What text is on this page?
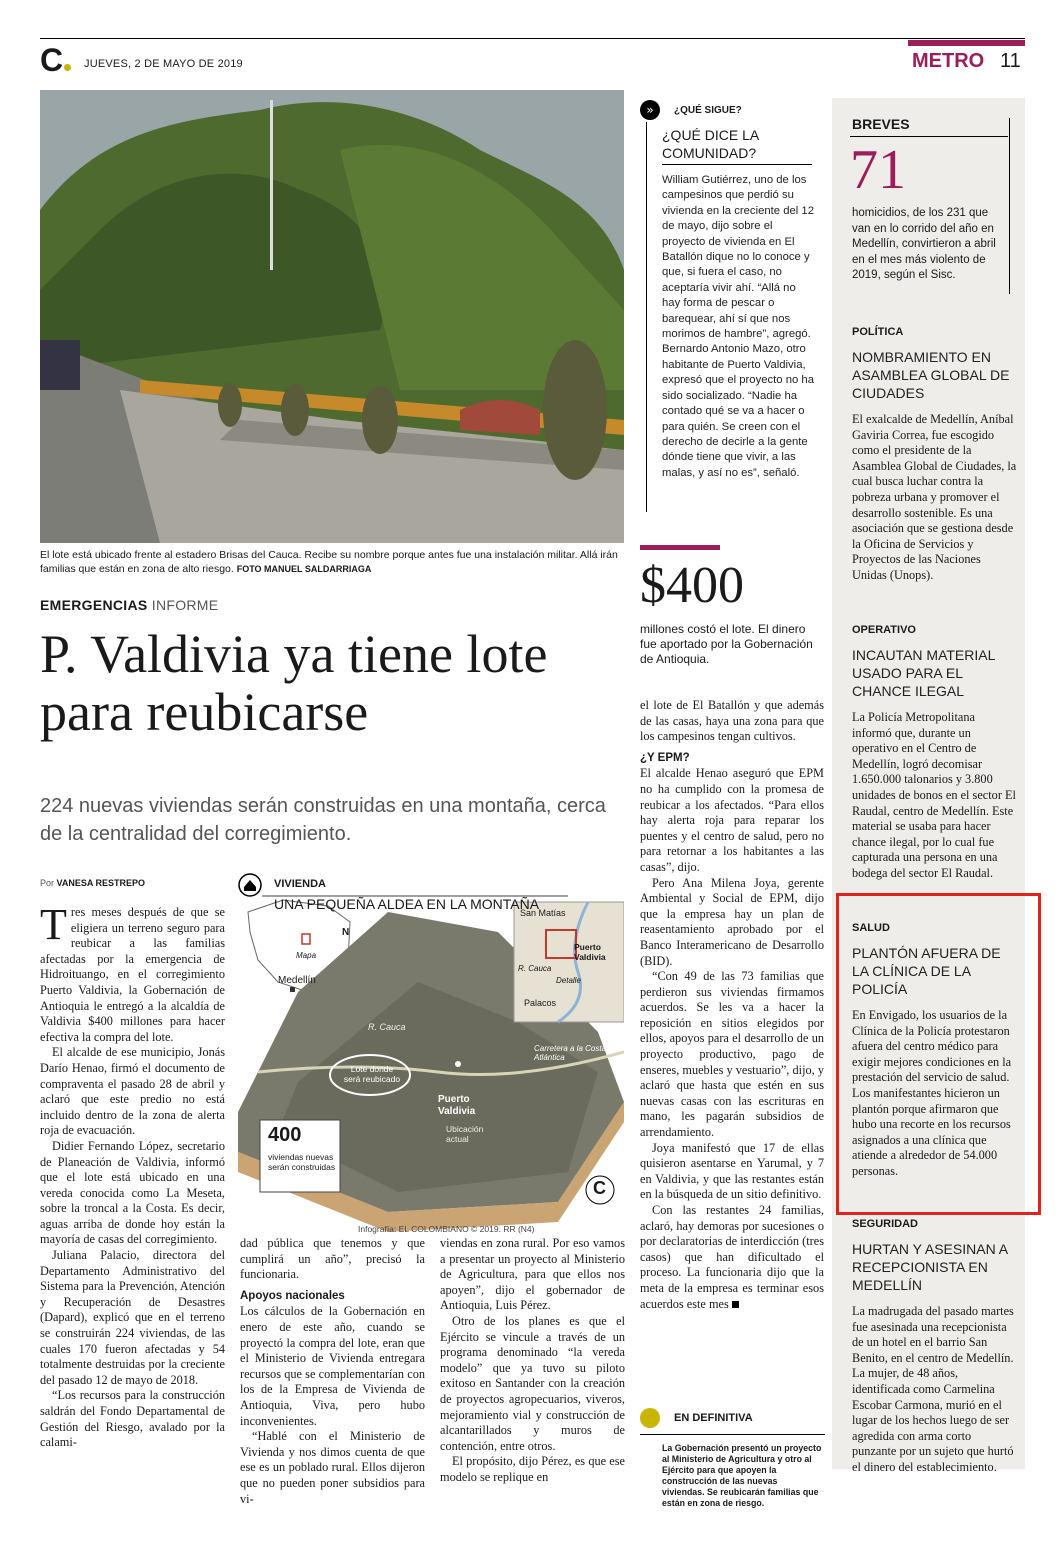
C	JUEVES, 2 DE MAYO DE 2019	METRO 11
El lote está ubicado frente al estadero Brisas del Cauca. Recibe su nombre porque antes fue una instalación militar. Allá irán familias que están en zona de alto riesgo. FOTO MANUEL SALDARRIAGA
EMERGENCIAS INFORME
P. Valdivia ya tiene lote para reubicarse
224 nuevas viviendas serán construidas en una montaña, cerca de la centralidad del corregimiento.
Por VANESA RESTREPO

Tres meses después de que se eligiera un terreno seguro para reubicar a las familias afectadas por la emergencia de Hidroituango, en el corregimiento Puerto Valdivia, la Gobernación de Antioquia le entregó a la alcaldía de Valdivia $400 millones para hacer efectiva la compra del lote.

El alcalde de ese municipio, Jonás Darío Henao, firmó el documento de compraventa el pasado 28 de abril y aclaró que este predio no está incluido dentro de la zona de alerta roja de evacuación.

Didier Fernando López, secretario de Planeación de Valdivia, informó que el lote está ubicado en una vereda conocida como La Meseta, sobre la troncal a la Costa. Es decir, aguas arriba de donde hoy están la mayoría de casas del corregimiento.

Juliana Palacio, directora del Departamento Administrativo del Sistema para la Prevención, Atención y Recuperación de Desastres (Dapard), explicó que en el terreno se construirán 224 viviendas, de las cuales 170 fueron afectadas y 54 totalmente destruidas por la creciente del pasado 12 de mayo de 2018.

“Los recursos para la construcción saldrán del Fondo Departamental de Gestión del Riesgo, avalado por la calami-

VIVIENDA
UNA PEQUEÑA ALDEA EN LA MONTAÑA
Mapa
Medellín
N
R. Cauca
Lote donde será reubicado
Puerto Valdivia
Ubicación actual
Carretera a la Costa Atlántica
San Matías
Puerto Valdivia
R. Cauca
Detalle
Palacos
400
viviendas nuevas serán construidas
Infografía: EL COLOMBIANO © 2019. RR (N4)
C

dad pública que tenemos y que cumplirá un año”, precisó la funcionaria.

Apoyos nacionales

Los cálculos de la Gobernación en enero de este año, cuando se proyectó la compra del lote, eran que el Ministerio de Vivienda entregara recursos que se complementarían con los de la Empresa de Vivienda de Antioquia, Viva, pero hubo inconvenientes.

“Hablé con el Ministerio de Vivienda y nos dimos cuenta de que ese es un poblado rural. Ellos dijeron que no pueden poner subsidios para vi-

viendas en zona rural. Por eso vamos a presentar un proyecto al Ministerio de Agricultura, para que ellos nos apoyen”, dijo el gobernador de Antioquia, Luis Pérez.

Otro de los planes es que el Ejército se vincule a través de un programa denominado “la vereda modelo” que ya tuvo su piloto exitoso en Santander con la creación de proyectos agropecuarios, viveros, mejoramiento vial y construcción de alcantarillados y muros de contención, entre otros.

El propósito, dijo Pérez, es que ese modelo se replique en

»	¿QUÉ SIGUE?
¿QUÉ DICE LA COMUNIDAD?
William Gutiérrez, uno de los campesinos que perdió su vivienda en la creciente del 12 de mayo, dijo sobre el proyecto de vivienda en El Batallón dique no lo conoce y que, si fuera el caso, no aceptaría vivir ahí. “Allá no hay forma de pescar o barequear, ahí sí que nos morimos de hambre”, agregó. Bernardo Antonio Mazo, otro habitante de Puerto Valdivia, expresó que el proyecto no ha sido socializado. “Nadie ha contado qué se va a hacer o para quién. Se creen con el derecho de decirle a la gente dónde tiene que vivir, a las malas, y así no es”, señaló.
$400
millones costó el lote. El dinero fue aportado por la Gobernación de Antioquia.

el lote de El Batallón y que además de las casas, haya una zona para que los campesinos tengan cultivos.

¿Y EPM?

El alcalde Henao aseguró que EPM no ha cumplido con la promesa de reubicar a los afectados. “Para ellos hay alerta roja para reparar los puentes y el centro de salud, pero no para retornar a los habitantes a las casas”, dijo.

Pero Ana Milena Joya, gerente Ambiental y Social de EPM, dijo que la empresa hay un plan de reasentamiento aprobado por el Banco Interamericano de Desarrollo (BID).

“Con 49 de las 73 familias que perdieron sus viviendas firmamos acuerdos. Se les va a hacer la reposición en sitios elegidos por ellos, apoyos para el desarrollo de un proyecto productivo, pago de enseres, muebles y vestuario”, dijo, y aclaró que hasta que estén en sus nuevas casas con las escrituras en mano, les pagarán subsidios de arrendamiento.

Joya manifestó que 17 de ellas quisieron asentarse en Yarumal, y 7 en Valdivia, y que las restantes están en la búsqueda de un sitio definitivo.

Con las restantes 24 familias, aclaró, hay demoras por sucesiones o por declaratorias de interdicción (tres casos) que han dificultado el proceso. La funcionaria dijo que la meta de la empresa es terminar esos acuerdos este mes

EN DEFINITIVA
La Gobernación presentó un proyecto al Ministerio de Agricultura y otro al Ejército para que apoyen la construcción de las nuevas viviendas. Se reubicarán familias que están en zona de riesgo.
BREVES
71
homicidios, de los 231 que van en lo corrido del año en Medellín, convirtieron a abril en el mes más violento de 2019, según el Sisc.
POLÍTICA
NOMBRAMIENTO EN ASAMBLEA GLOBAL DE CIUDADES
El exalcalde de Medellín, Aníbal Gaviria Correa, fue escogido como el presidente de la Asamblea Global de Ciudades, la cual busca luchar contra la pobreza urbana y promover el desarrollo sostenible. Es una asociación que se gestiona desde la Oficina de Servicios y Proyectos de las Naciones Unidas (Unops).
OPERATIVO
INCAUTAN MATERIAL USADO PARA EL CHANCE ILEGAL
La Policía Metropolitana informó que, durante un operativo en el Centro de Medellín, logró decomisar 1.650.000 talonarios y 3.800 unidades de bonos en el sector El Raudal, centro de Medellín. Este material se usaba para hacer chance ilegal, por lo cual fue capturada una persona en una bodega del sector El Raudal.
SALUD
PLANTÓN AFUERA DE LA CLÍNICA DE LA POLICÍA
En Envigado, los usuarios de la Clínica de la Policía protestaron afuera del centro médico para exigir mejores condiciones en la prestación del servicio de salud. Los manifestantes hicieron un plantón porque afirmaron que hubo una recorte en los recursos asignados a una clínica que atiende a alrededor de 54.000 personas.
SEGURIDAD
HURTAN Y ASESINAN A RECEPCIONISTA EN MEDELLÍN
La madrugada del pasado martes fue asesinada una recepcionista de un hotel en el barrio San Benito, en el centro de Medellín. La mujer, de 48 años, identificada como Carmelina Escobar Carmona, murió en el lugar de los hechos luego de ser agredida con arma corto punzante por un sujeto que hurtó el dinero del establecimiento.
